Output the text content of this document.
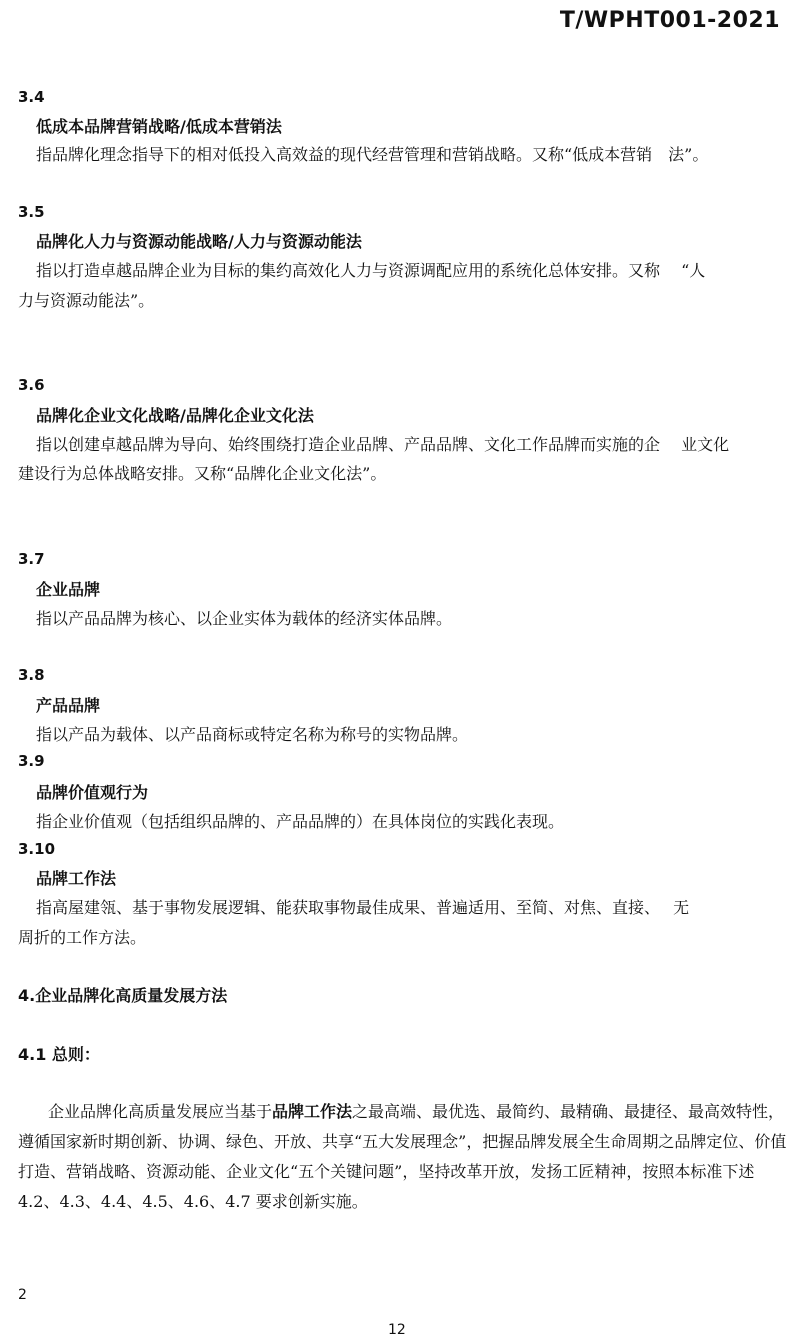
T/WPHT001-2021
3.4
低成本品牌营销战略/低成本营销法
指品牌化理念指导下的相对低投入高效益的现代经营管理和营销战略。又称“低成本营销　法”。
3.5
品牌化人力与资源动能战略/人力与资源动能法
指以打造卓越品牌企业为目标的集约高效化人力与资源调配应用的系统化总体安排。又称　 “人
力与资源动能法”。
3.6
品牌化企业文化战略/品牌化企业文化法
指以创建卓越品牌为导向、始终围绕打造企业品牌、产品品牌、文化工作品牌而实施的企　 业文化
建设行为总体战略安排。又称“品牌化企业文化法”。
3.7
企业品牌
指以产品品牌为核心、以企业实体为载体的经济实体品牌。
3.8
产品品牌
指以产品为载体、以产品商标或特定名称为称号的实物品牌。
3.9
品牌价值观行为
指企业价值观（包括组织品牌的、产品品牌的）在具体岗位的实践化表现。
3.10
品牌工作法
指高屋建瓴、基于事物发展逻辑、能获取事物最佳成果、普遍适用、至简、对焦、直接、　 无
周折的工作方法。
4.企业品牌化高质量发展方法
4.1 总则：
企业品牌化高质量发展应当基于品牌工作法之最高端、最优选、最简约、最精确、最捷径、最高效特性，遵循国家新时期创新、协调、绿色、开放、共享“五大发展理念”，把握品牌发展全生命周期之品牌定位、价值打造、营销战略、资源动能、企业文化“五个关键问题”，坚持改革开放，发扬工匠精神，按照本标准下述 4.2、4.3、4.4、4.5、4.6、4.7 要求创新实施。
2
12
